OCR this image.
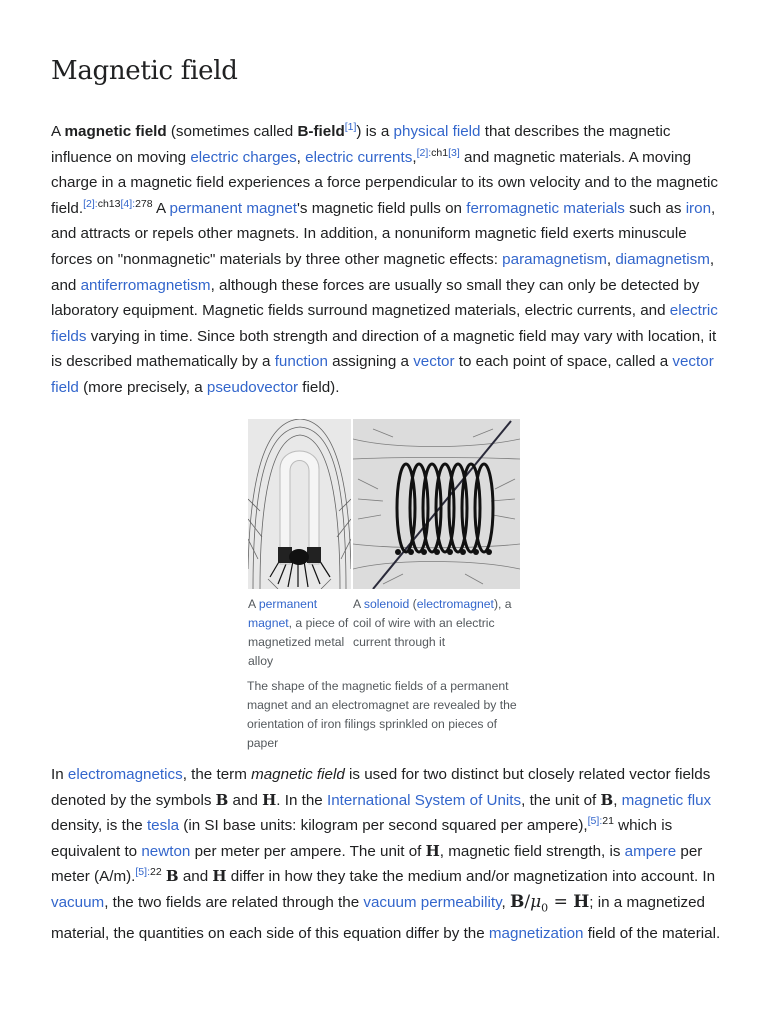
Magnetic field

A magnetic field (sometimes called B-field[1]) is a physical field that describes the magnetic influence on moving electric charges, electric currents,[2]:ch1[3] and magnetic materials. A moving charge in a magnetic field experiences a force perpendicular to its own velocity and to the magnetic field.$^{[2]:ch13[4]:278}$ A permanent magnet's magnetic field pulls on ferromagnetic materials such as iron, and attracts or repels other magnets. In addition, a nonuniform magnetic field exerts minuscule forces on "nonmagnetic" materials by three other magnetic effects: paramagnetism, diamagnetism, and antiferromagnetism, although these forces are usually so small they can only be detected by laboratory equipment. Magnetic fields surround magnetized materials, electric currents, and electric fields varying in time. Since both strength and direction of a magnetic field may vary with location, it is described mathematically by a function assigning a vector to each point of space, called a vector field (more precisely, a pseudovector field).

A permanent magnet, a piece of magnetized metal alloy
A solenoid (electromagnet), a coil of wire with an electric current through it
The shape of the magnetic fields of a permanent magnet and an electromagnet are revealed by the orientation of iron filings sprinkled on pieces of paper

In electromagnetics, the term magnetic field is used for two distinct but closely related vector fields denoted by the symbols B and H. In the International System of Units, the unit of B, magnetic flux density, is the tesla (in SI base units: kilogram per second squared per ampere),$^{[5]:21}$ which is equivalent to newton per meter per ampere. The unit of H, magnetic field strength, is ampere per meter (A/m).$^{[5]:22}$ B and H differ in how they take the medium and/or magnetization into account. In vacuum, the two fields are related through the vacuum permeability, $B/\mu_0 = H$; in a magnetized material, the quantities on each side of this equation differ by the magnetization field of the material.
